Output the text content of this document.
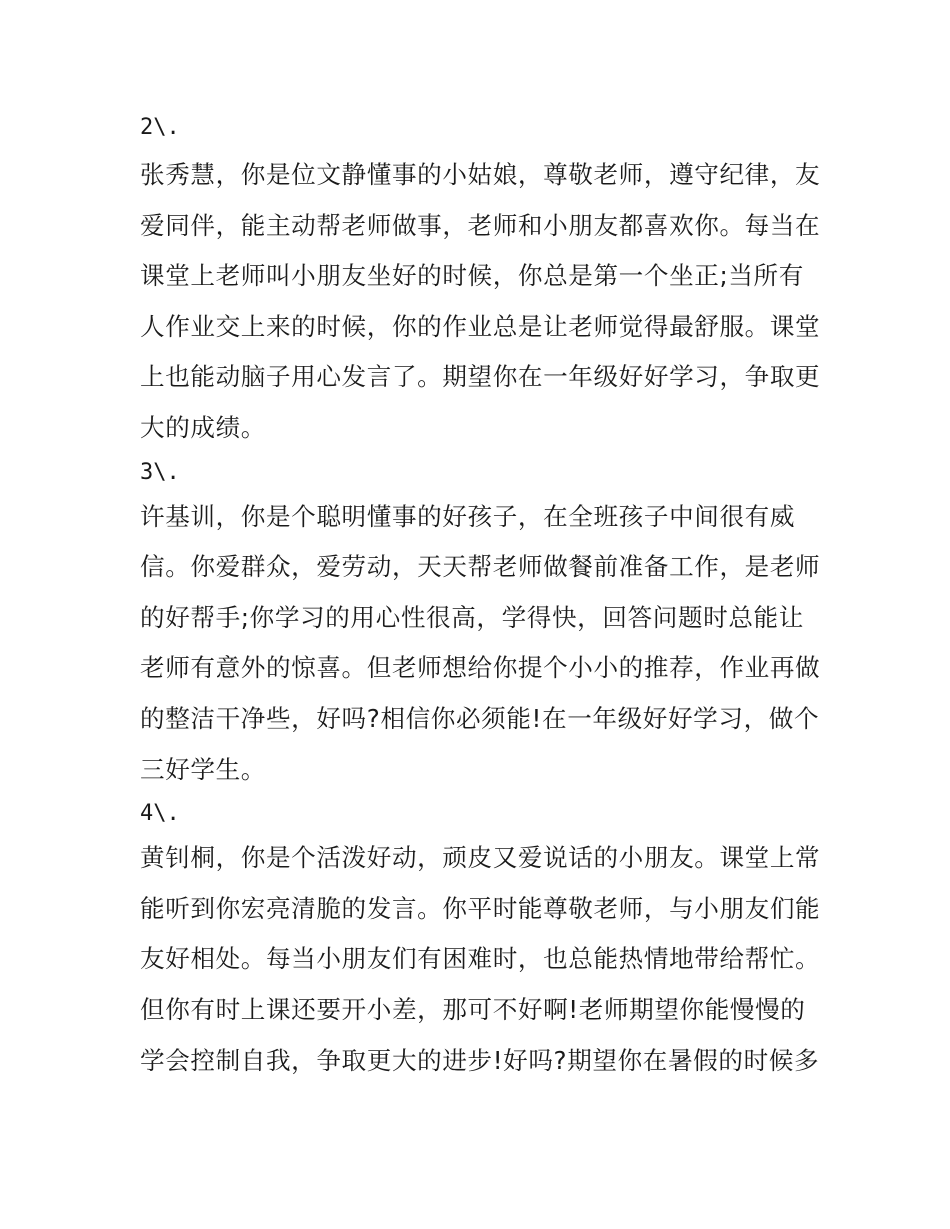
2\.
张秀慧，你是位文静懂事的小姑娘，尊敬老师，遵守纪律，友
爱同伴，能主动帮老师做事，老师和小朋友都喜欢你。每当在
课堂上老师叫小朋友坐好的时候，你总是第一个坐正;当所有
人作业交上来的时候，你的作业总是让老师觉得最舒服。课堂
上也能动脑子用心发言了。期望你在一年级好好学习，争取更
大的成绩。
3\.
许基训，你是个聪明懂事的好孩子，在全班孩子中间很有威
信。你爱群众，爱劳动，天天帮老师做餐前准备工作，是老师
的好帮手;你学习的用心性很高，学得快，回答问题时总能让
老师有意外的惊喜。但老师想给你提个小小的推荐，作业再做
的整洁干净些，好吗?相信你必须能!在一年级好好学习，做个
三好学生。
4\.
黄钊桐，你是个活泼好动，顽皮又爱说话的小朋友。课堂上常
能听到你宏亮清脆的发言。你平时能尊敬老师，与小朋友们能
友好相处。每当小朋友们有困难时，也总能热情地带给帮忙。
但你有时上课还要开小差，那可不好啊!老师期望你能慢慢的
学会控制自我，争取更大的进步!好吗?期望你在暑假的时候多
